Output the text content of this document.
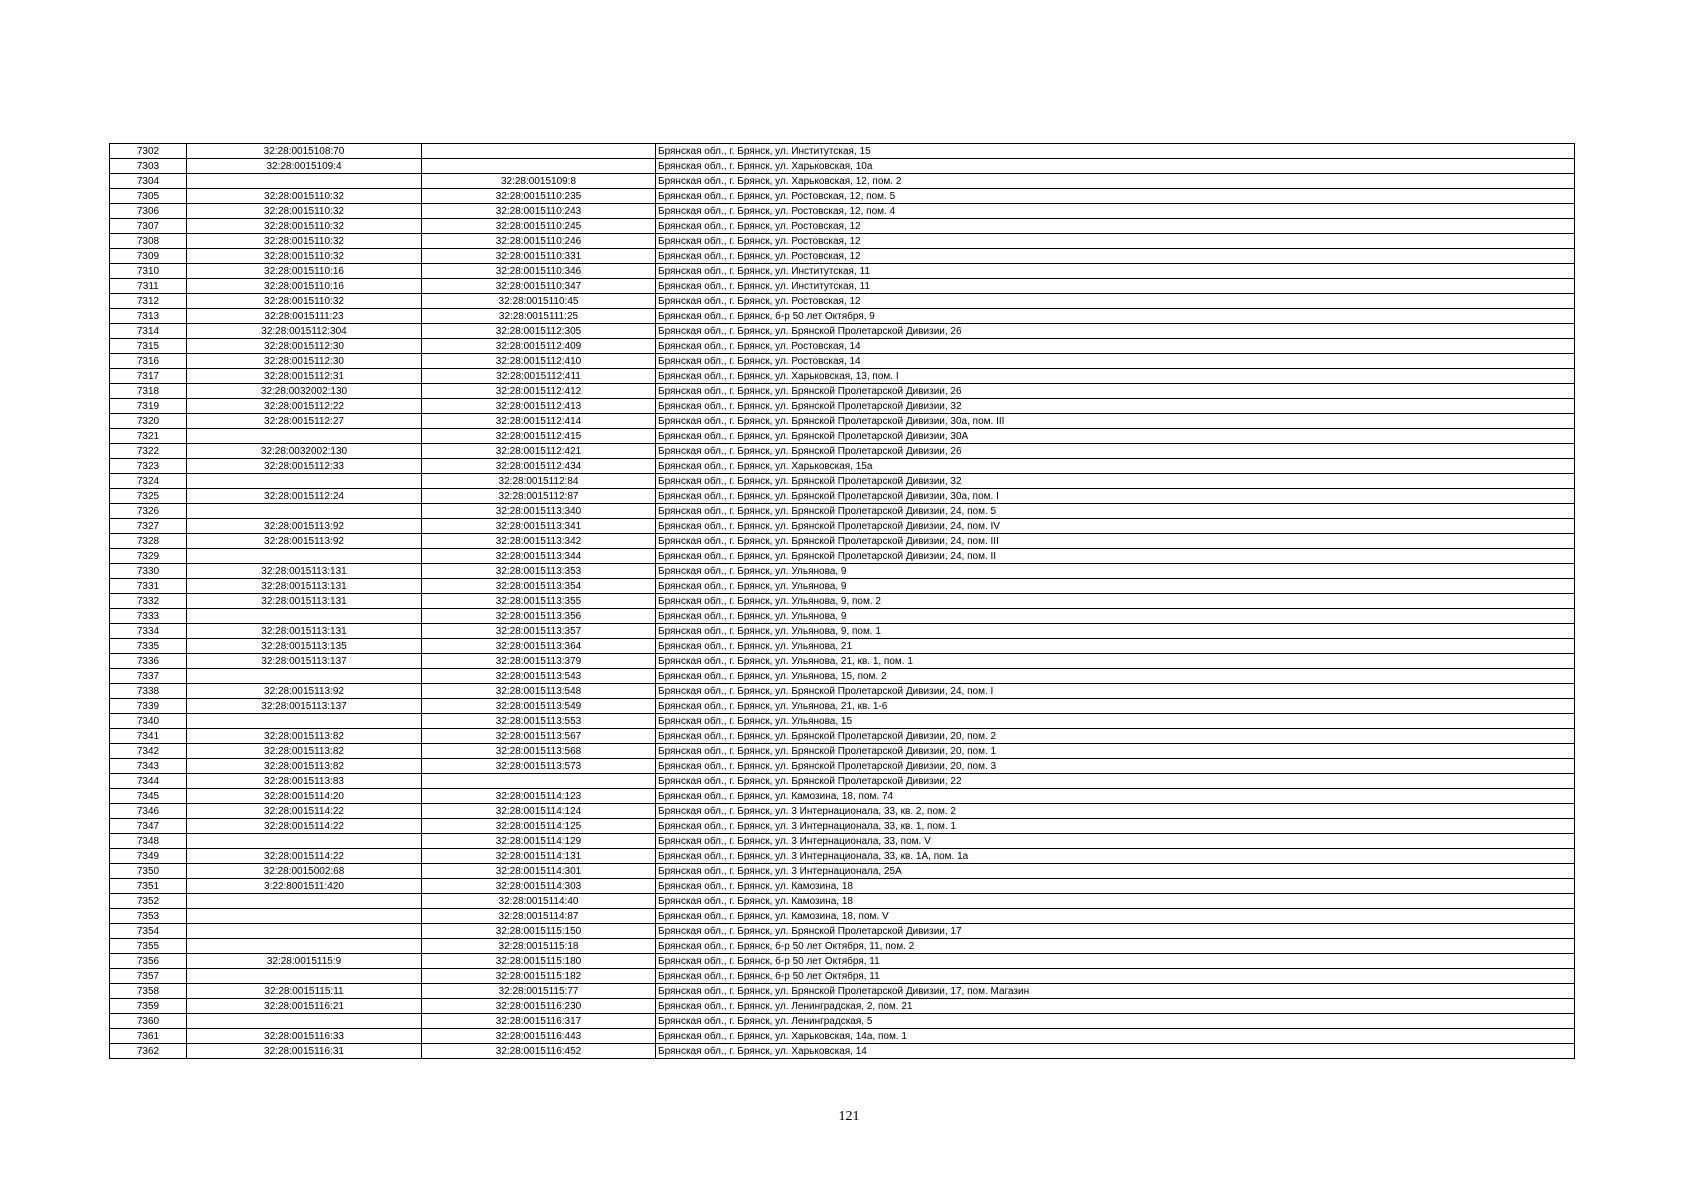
7302	32:28:0015108:70		Брянская обл., г. Брянск, ул. Институтская, 15
7303	32:28:0015109:4		Брянская обл., г. Брянск, ул. Харьковская, 10а
7304		32:28:0015109:8	Брянская обл., г. Брянск, ул. Харьковская, 12, пом. 2
7305	32:28:0015110:32	32:28:0015110:235	Брянская обл., г. Брянск, ул. Ростовская, 12, пом. 5
7306	32:28:0015110:32	32:28:0015110:243	Брянская обл., г. Брянск, ул. Ростовская, 12, пом. 4
7307	32:28:0015110:32	32:28:0015110:245	Брянская обл., г. Брянск, ул. Ростовская, 12
7308	32:28:0015110:32	32:28:0015110:246	Брянская обл., г. Брянск, ул. Ростовская, 12
7309	32:28:0015110:32	32:28:0015110:331	Брянская обл., г. Брянск, ул. Ростовская, 12
7310	32:28:0015110:16	32:28:0015110:346	Брянская обл., г. Брянск, ул. Институтская, 11
7311	32:28:0015110:16	32:28:0015110:347	Брянская обл., г. Брянск, ул. Институтская, 11
7312	32:28:0015110:32	32:28:0015110:45	Брянская обл., г. Брянск, ул. Ростовская, 12
7313	32:28:0015111:23	32:28:0015111:25	Брянская обл., г. Брянск, б-р 50 лет Октября, 9
7314	32:28:0015112:304	32:28:0015112:305	Брянская обл., г. Брянск, ул. Брянской Пролетарской Дивизии, 26
7315	32:28:0015112:30	32:28:0015112:409	Брянская обл., г. Брянск, ул. Ростовская, 14
7316	32:28:0015112:30	32:28:0015112:410	Брянская обл., г. Брянск, ул. Ростовская, 14
7317	32:28:0015112:31	32:28:0015112:411	Брянская обл., г. Брянск, ул. Харьковская, 13, пом. I
7318	32:28:0032002:130	32:28:0015112:412	Брянская обл., г. Брянск, ул. Брянской Пролетарской Дивизии, 26
7319	32:28:0015112:22	32:28:0015112:413	Брянская обл., г. Брянск, ул. Брянской Пролетарской Дивизии, 32
7320	32:28:0015112:27	32:28:0015112:414	Брянская обл., г. Брянск, ул. Брянской Пролетарской Дивизии, 30а, пом. III
7321		32:28:0015112:415	Брянская обл., г. Брянск, ул. Брянской Пролетарской Дивизии, 30А
7322	32:28:0032002:130	32:28:0015112:421	Брянская обл., г. Брянск, ул. Брянской Пролетарской Дивизии, 26
7323	32:28:0015112:33	32:28:0015112:434	Брянская обл., г. Брянск, ул. Харьковская, 15а
7324		32:28:0015112:84	Брянская обл., г. Брянск, ул. Брянской Пролетарской Дивизии, 32
7325	32:28:0015112:24	32:28:0015112:87	Брянская обл., г. Брянск, ул. Брянской Пролетарской Дивизии, 30а, пом. I
7326		32:28:0015113:340	Брянская обл., г. Брянск, ул. Брянской Пролетарской Дивизии, 24, пом. 5
7327	32:28:0015113:92	32:28:0015113:341	Брянская обл., г. Брянск, ул. Брянской Пролетарской Дивизии, 24, пом. IV
7328	32:28:0015113:92	32:28:0015113:342	Брянская обл., г. Брянск, ул. Брянской Пролетарской Дивизии, 24, пом. III
7329		32:28:0015113:344	Брянская обл., г. Брянск, ул. Брянской Пролетарской Дивизии, 24, пом. II
7330	32:28:0015113:131	32:28:0015113:353	Брянская обл., г. Брянск, ул. Ульянова, 9
7331	32:28:0015113:131	32:28:0015113:354	Брянская обл., г. Брянск, ул. Ульянова, 9
7332	32:28:0015113:131	32:28:0015113:355	Брянская обл., г. Брянск, ул. Ульянова, 9, пом. 2
7333		32:28:0015113:356	Брянская обл., г. Брянск, ул. Ульянова, 9
7334	32:28:0015113:131	32:28:0015113:357	Брянская обл., г. Брянск, ул. Ульянова, 9, пом. 1
7335	32:28:0015113:135	32:28:0015113:364	Брянская обл., г. Брянск, ул. Ульянова, 21
7336	32:28:0015113:137	32:28:0015113:379	Брянская обл., г. Брянск, ул. Ульянова, 21, кв. 1, пом. 1
7337		32:28:0015113:543	Брянская обл., г. Брянск, ул. Ульянова, 15, пом. 2
7338	32:28:0015113:92	32:28:0015113:548	Брянская обл., г. Брянск, ул. Брянской Пролетарской Дивизии, 24, пом. I
7339	32:28:0015113:137	32:28:0015113:549	Брянская обл., г. Брянск, ул. Ульянова, 21, кв. 1-6
7340		32:28:0015113:553	Брянская обл., г. Брянск, ул. Ульянова, 15
7341	32:28:0015113:82	32:28:0015113:567	Брянская обл., г. Брянск, ул. Брянской Пролетарской Дивизии, 20, пом. 2
7342	32:28:0015113:82	32:28:0015113:568	Брянская обл., г. Брянск, ул. Брянской Пролетарской Дивизии, 20, пом. 1
7343	32:28:0015113:82	32:28:0015113:573	Брянская обл., г. Брянск, ул. Брянской Пролетарской Дивизии, 20, пом. 3
7344	32:28:0015113:83		Брянская обл., г. Брянск, ул. Брянской Пролетарской Дивизии, 22
7345	32:28:0015114:20	32:28:0015114:123	Брянская обл., г. Брянск, ул. Камозина, 18, пом. 74
7346	32:28:0015114:22	32:28:0015114:124	Брянская обл., г. Брянск, ул. 3 Интернационала, 33, кв. 2, пом. 2
7347	32:28:0015114:22	32:28:0015114:125	Брянская обл., г. Брянск, ул. 3 Интернационала, 33, кв. 1, пом. 1
7348		32:28:0015114:129	Брянская обл., г. Брянск, ул. 3 Интернационала, 33, пом. V
7349	32:28:0015114:22	32:28:0015114:131	Брянская обл., г. Брянск, ул. 3 Интернационала, 33, кв. 1А, пом. 1а
7350	32:28:0015002:68	32:28:0015114:301	Брянская обл., г. Брянск, ул. 3 Интернационала, 25А
7351	3:22:8001511:420	32:28:0015114:303	Брянская обл., г. Брянск, ул. Камозина, 18
7352		32:28:0015114:40	Брянская обл., г. Брянск, ул. Камозина, 18
7353		32:28:0015114:87	Брянская обл., г. Брянск, ул. Камозина, 18, пом. V
7354		32:28:0015115:150	Брянская обл., г. Брянск, ул. Брянской Пролетарской Дивизии, 17
7355		32:28:0015115:18	Брянская обл., г. Брянск, б-р 50 лет Октября, 11, пом. 2
7356	32:28:0015115:9	32:28:0015115:180	Брянская обл., г. Брянск, б-р 50 лет Октября, 11
7357		32:28:0015115:182	Брянская обл., г. Брянск, б-р 50 лет Октября, 11
7358	32:28:0015115:11	32:28:0015115:77	Брянская обл., г. Брянск, ул. Брянской Пролетарской Дивизии, 17, пом. Магазин
7359	32:28:0015116:21	32:28:0015116:230	Брянская обл., г. Брянск, ул. Ленинградская, 2, пом. 21
7360		32:28:0015116:317	Брянская обл., г. Брянск, ул. Ленинградская, 5
7361	32:28:0015116:33	32:28:0015116:443	Брянская обл., г. Брянск, ул. Харьковская, 14а, пом. 1
7362	32:28:0015116:31	32:28:0015116:452	Брянская обл., г. Брянск, ул. Харьковская, 14
121
